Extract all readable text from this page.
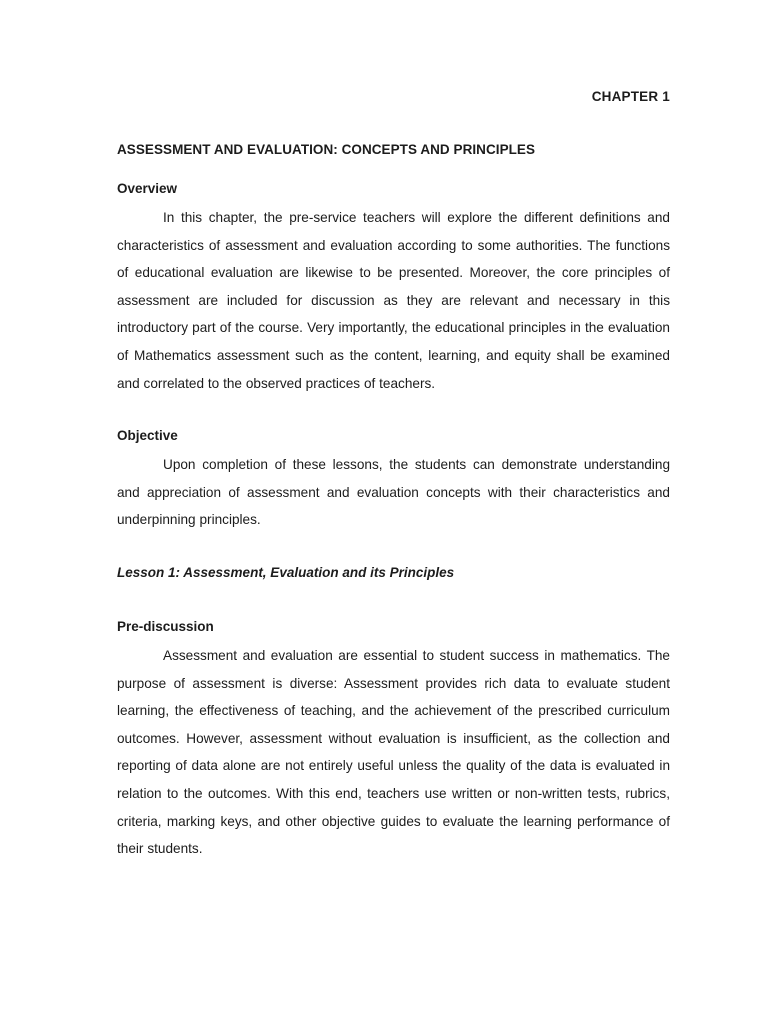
CHAPTER 1
ASSESSMENT AND EVALUATION: CONCEPTS AND PRINCIPLES
Overview

In this chapter, the pre-service teachers will explore the different definitions and characteristics of assessment and evaluation according to some authorities. The functions of educational evaluation are likewise to be presented. Moreover, the core principles of assessment are included for discussion as they are relevant and necessary in this introductory part of the course. Very importantly, the educational principles in the evaluation of Mathematics assessment such as the content, learning, and equity shall be examined and correlated to the observed practices of teachers.

Objective

Upon completion of these lessons, the students can demonstrate understanding and appreciation of assessment and evaluation concepts with their characteristics and underpinning principles.

Lesson 1: Assessment, Evaluation and its Principles
Pre-discussion

Assessment and evaluation are essential to student success in mathematics. The purpose of assessment is diverse: Assessment provides rich data to evaluate student learning, the effectiveness of teaching, and the achievement of the prescribed curriculum outcomes. However, assessment without evaluation is insufficient, as the collection and reporting of data alone are not entirely useful unless the quality of the data is evaluated in relation to the outcomes. With this end, teachers use written or non-written tests, rubrics, criteria, marking keys, and other objective guides to evaluate the learning performance of their students.
